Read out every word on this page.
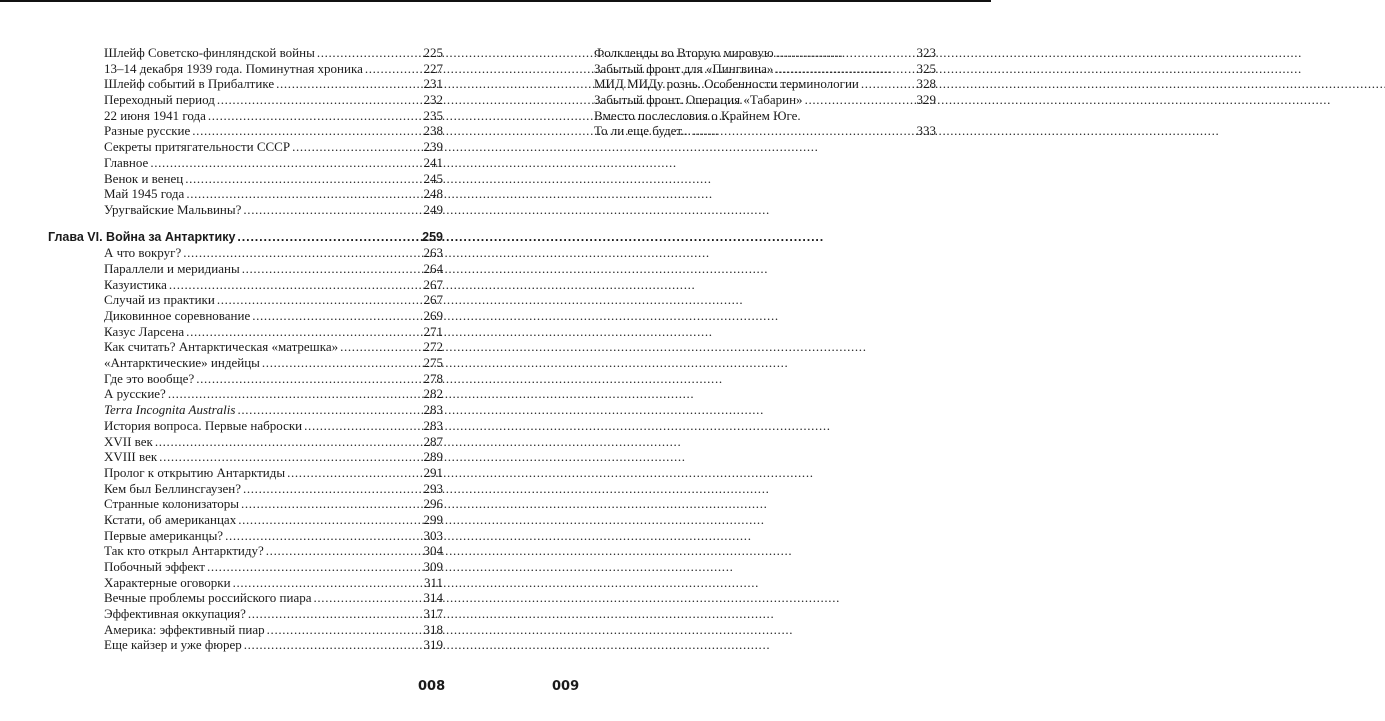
Шлейф Советско-финляндской войны . . .	225
13–14 декабря 1939 года. Поминутная хроника . . .	227
Шлейф событий в Прибалтике . . .	231
Переходный период . . .	232
22 июня 1941 года . . .	235
Разные русские . . .	238
Секреты притягательности СССР . . .	239
Главное . . .	241
Венок и венец . . .	245
Май 1945 года . . .	248
Уругвайские Мальвины? . . .	249
Глава VI. Война за Антарктику . . .	259
А что вокруг? . . .	263
Параллели и меридианы . . .	264
Казуистика . . .	267
Случай из практики . . .	267
Диковинное соревнование . . .	269
Казус Ларсена . . .	271
Как считать? Антарктическая «матрешка» . . .	272
«Антарктические» индейцы . . .	275
Где это вообще? . . .	278
А русские? . . .	282
Terra Incognita Australis . . .	283
История вопроса. Первые наброски . . .	283
XVII век . . .	287
XVIII век . . .	289
Пролог к открытию Антарктиды . . .	291
Кем был Беллинсгаузен? . . .	293
Странные колонизаторы . . .	296
Кстати, об американцах . . .	299
Первые американцы? . . .	303
Так кто открыл Антарктиду? . . .	304
Побочный эффект . . .	309
Характерные оговорки . . .	311
Вечные проблемы российского пиара . . .	314
Эффективная оккупация? . . .	317
Америка: эффективный пиар . . .	318
Еще кайзер и уже фюрер . . .	319
Фолкленды во Вторую мировую . . .	323
Забытый фронт для «Пингвина» . . .	325
МИД МИДу рознь. Особенности терминологии . . .	328
Забытый фронт. Операция «Табарин» . . .	329
Вместо послесловия о Крайнем Юге.
То ли еще будет... . . .	333
008	009
